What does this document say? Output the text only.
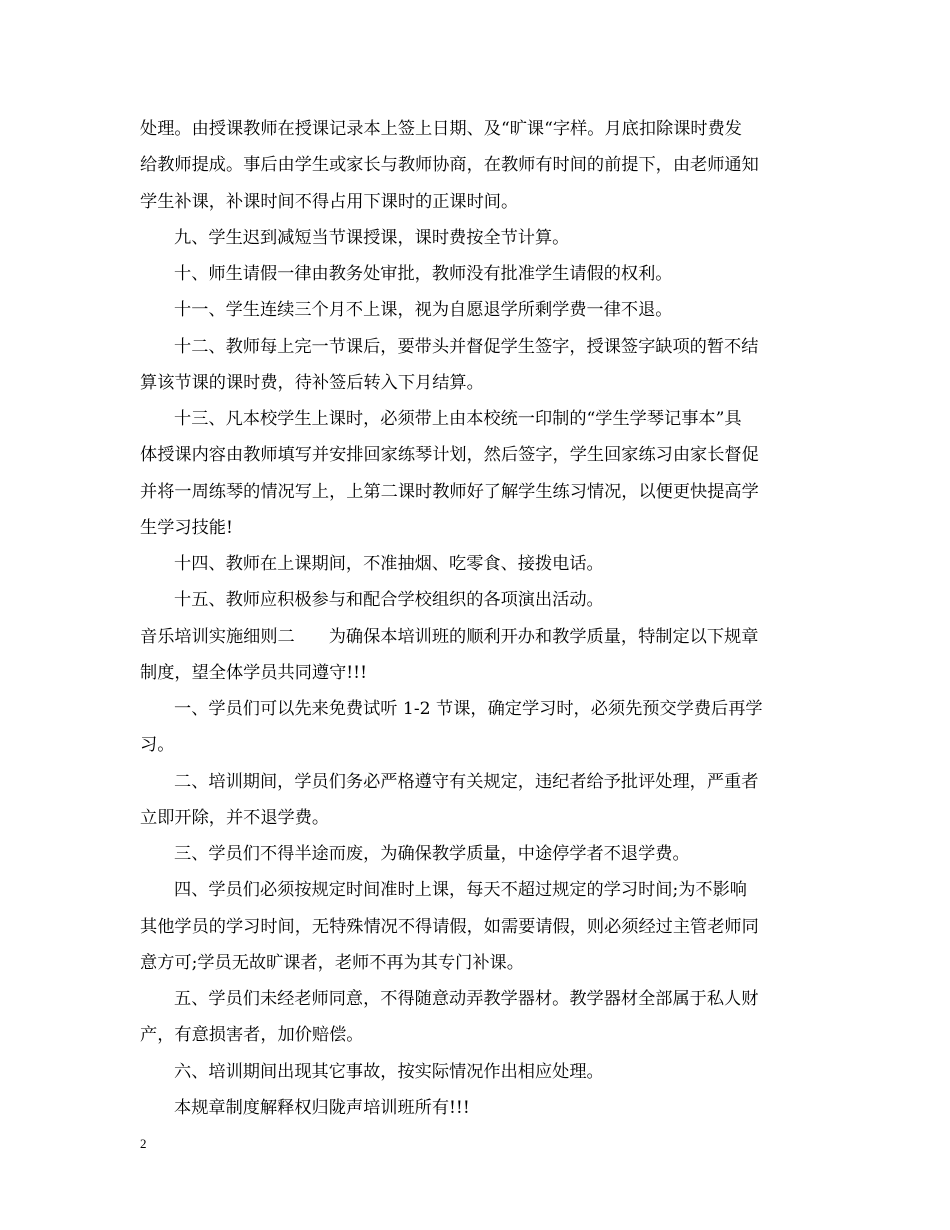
处理。由授课教师在授课记录本上签上日期、及“旷课“字样。月底扣除课时费发
给教师提成。事后由学生或家长与教师协商，在教师有时间的前提下，由老师通知
学生补课，补课时间不得占用下课时的正课时间。
九、学生迟到减短当节课授课，课时费按全节计算。
十、师生请假一律由教务处审批，教师没有批准学生请假的权利。
十一、学生连续三个月不上课，视为自愿退学所剩学费一律不退。
十二、教师每上完一节课后，要带头并督促学生签字，授课签字缺项的暂不结
算该节课的课时费，待补签后转入下月结算。
十三、凡本校学生上课时，必须带上由本校统一印制的“学生学琴记事本”具
体授课内容由教师填写并安排回家练琴计划，然后签字，学生回家练习由家长督促
并将一周练琴的情况写上，上第二课时教师好了解学生练习情况，以便更快提高学
生学习技能!
十四、教师在上课期间，不准抽烟、吃零食、接拨电话。
十五、教师应积极参与和配合学校组织的各项演出活动。
音乐培训实施细则二 为确保本培训班的顺利开办和教学质量，特制定以下规章
制度，望全体学员共同遵守!!!
一、学员们可以先来免费试听 1-2 节课，确定学习时，必须先预交学费后再学
习。
二、培训期间，学员们务必严格遵守有关规定，违纪者给予批评处理，严重者
立即开除，并不退学费。
三、学员们不得半途而废，为确保教学质量，中途停学者不退学费。
四、学员们必须按规定时间准时上课，每天不超过规定的学习时间;为不影响
其他学员的学习时间，无特殊情况不得请假，如需要请假，则必须经过主管老师同
意方可;学员无故旷课者，老师不再为其专门补课。
五、学员们未经老师同意，不得随意动弄教学器材。教学器材全部属于私人财
产，有意损害者，加价赔偿。
六、培训期间出现其它事故，按实际情况作出相应处理。
本规章制度解释权归陇声培训班所有!!!
2
